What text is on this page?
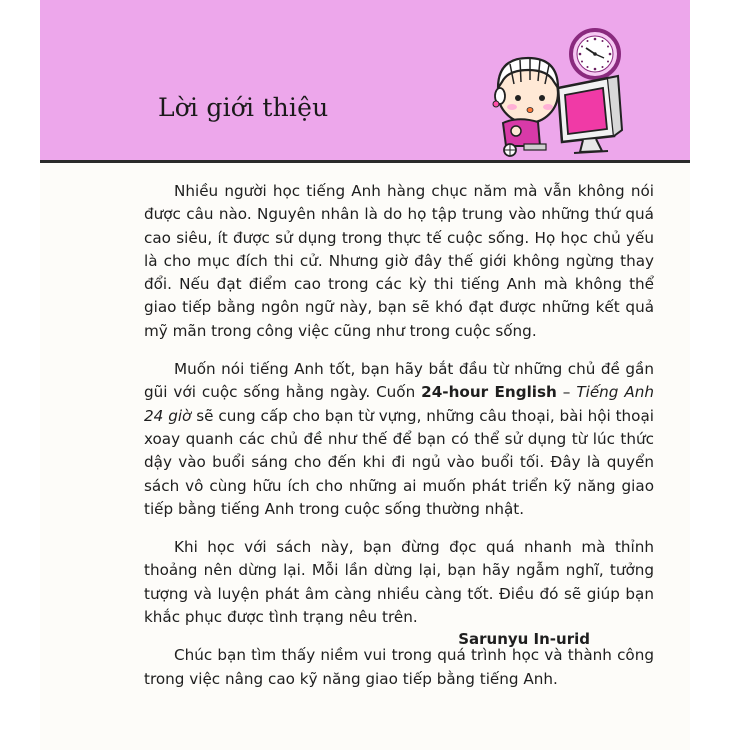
Lời giới thiệu

Nhiều người học tiếng Anh hàng chục năm mà vẫn không nói được câu nào. Nguyên nhân là do họ tập trung vào những thứ quá cao siêu, ít được sử dụng trong thực tế cuộc sống. Họ học chủ yếu là cho mục đích thi cử. Nhưng giờ đây thế giới không ngừng thay đổi. Nếu đạt điểm cao trong các kỳ thi tiếng Anh mà không thể giao tiếp bằng ngôn ngữ này, bạn sẽ khó đạt được những kết quả mỹ mãn trong công việc cũng như trong cuộc sống.

Muốn nói tiếng Anh tốt, bạn hãy bắt đầu từ những chủ đề gần gũi với cuộc sống hằng ngày. Cuốn 24-hour English – Tiếng Anh 24 giờ sẽ cung cấp cho bạn từ vựng, những câu thoại, bài hội thoại xoay quanh các chủ đề như thế để bạn có thể sử dụng từ lúc thức dậy vào buổi sáng cho đến khi đi ngủ vào buổi tối. Đây là quyển sách vô cùng hữu ích cho những ai muốn phát triển kỹ năng giao tiếp bằng tiếng Anh trong cuộc sống thường nhật.

Khi học với sách này, bạn đừng đọc quá nhanh mà thỉnh thoảng nên dừng lại. Mỗi lần dừng lại, bạn hãy ngẫm nghĩ, tưởng tượng và luyện phát âm càng nhiều càng tốt. Điều đó sẽ giúp bạn khắc phục được tình trạng nêu trên.

Chúc bạn tìm thấy niềm vui trong quá trình học và thành công trong việc nâng cao kỹ năng giao tiếp bằng tiếng Anh.

Sarunyu In-urid
